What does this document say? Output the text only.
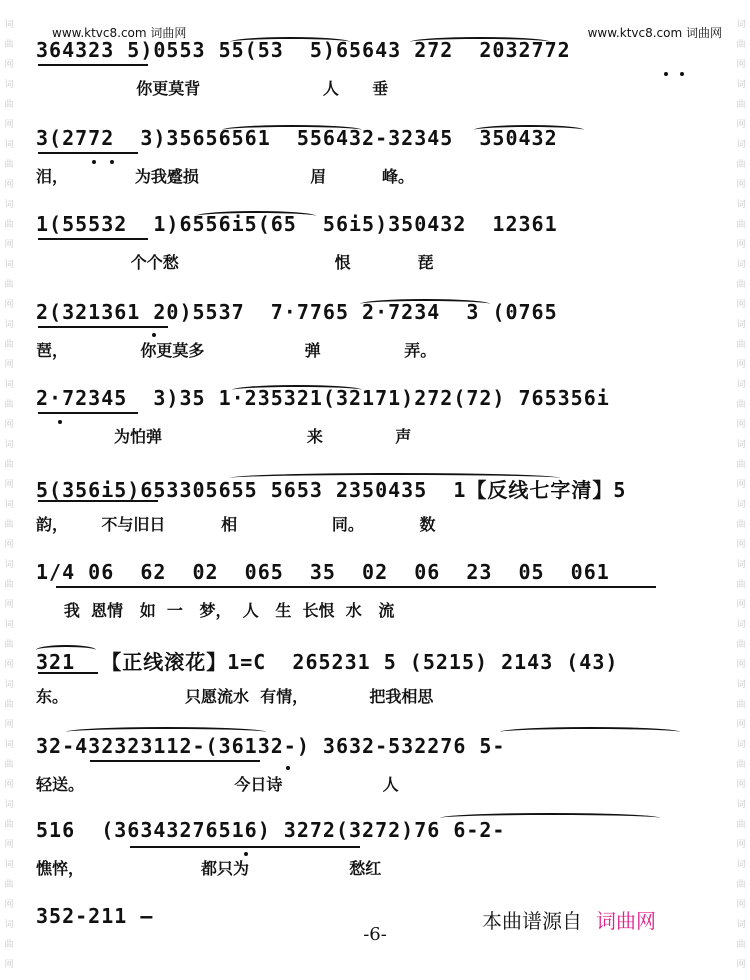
词
曲
网
词
曲
网
词
曲
网
词
曲
网
词
曲
网
词
曲
网
词
曲
网
词
曲
网
词
曲
网
词
曲
网
词
曲
网
词
曲
网
词
曲
网
词
曲
网
词
曲
网
词
曲
网
词
曲
网
词
曲
网
词
曲
网
词
曲
网
词
曲
网
词
曲
网
词
曲
网
词
曲
网
词
曲
网
词
曲
网
词
曲
网
词
曲
网
词
曲
网
词
曲
网
词
曲
网
词
曲
网
www.ktvc8.com 词曲网	www.ktvc8.com 词曲网
364323 5)0553 55(53  5)65643 272  2032772
你更莫背                      人      垂
3(2772  3)35656561  556432-32345  350432
泪，            为我蹙损                    眉          峰。
1(55532  1)6556i5(65  56i5)350432  12361
个个愁                            恨            琵
2(321361 20)5537  7·7765 2·7234  3 (0765
琶，             你更莫多                  弹               弄。
2·72345  3)35 1·235321(32171)272(72) 765356i
为怕弹                          来             声
5(356i5)653305655 5653 2350435  1【反线七字清】5
韵，      不与旧日          相                 同。          数
1/4 06  62  02  065  35  02  06  23  05  061
我  恩情   如  一   梦，  人   生  长恨  水   流
321  【正线滚花】1=C  265231 5 (5215) 2143 (43)
东。                     只愿流水  有情，           把我相思
32-432323112-(36132-) 3632-532276 5-
轻送。                           今日诗                  人
516  (36343276516) 3272(3272)76 6-2-
憔悴，                     都只为                  愁红
352-211 —	本曲谱源自 词曲网
-6-
